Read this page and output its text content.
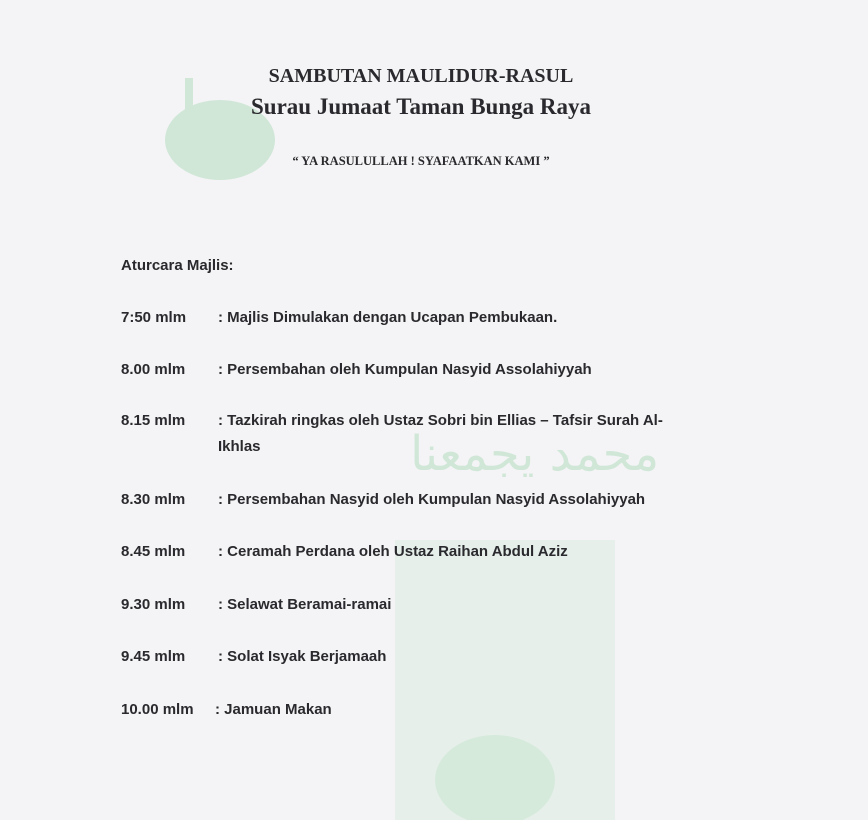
محمد يجمعنا
SAMBUTAN MAULIDUR-RASUL
Surau Jumaat Taman Bunga Raya
“ YA RASULULLAH ! SYAFAATKAN KAMI ”
Aturcara Majlis:
7:50 mlm	: Majlis Dimulakan dengan Ucapan Pembukaan.
8.00 mlm	: Persembahan oleh Kumpulan Nasyid Assolahiyyah
8.15 mlm	: Tazkirah ringkas oleh Ustaz Sobri bin Ellias – Tafsir Surah Al-Ikhlas
8.30 mlm	: Persembahan Nasyid oleh Kumpulan Nasyid Assolahiyyah
8.45 mlm	: Ceramah Perdana oleh Ustaz Raihan Abdul Aziz
9.30 mlm	: Selawat Beramai-ramai
9.45 mlm	: Solat Isyak Berjamaah
10.00 mlm	: Jamuan Makan
